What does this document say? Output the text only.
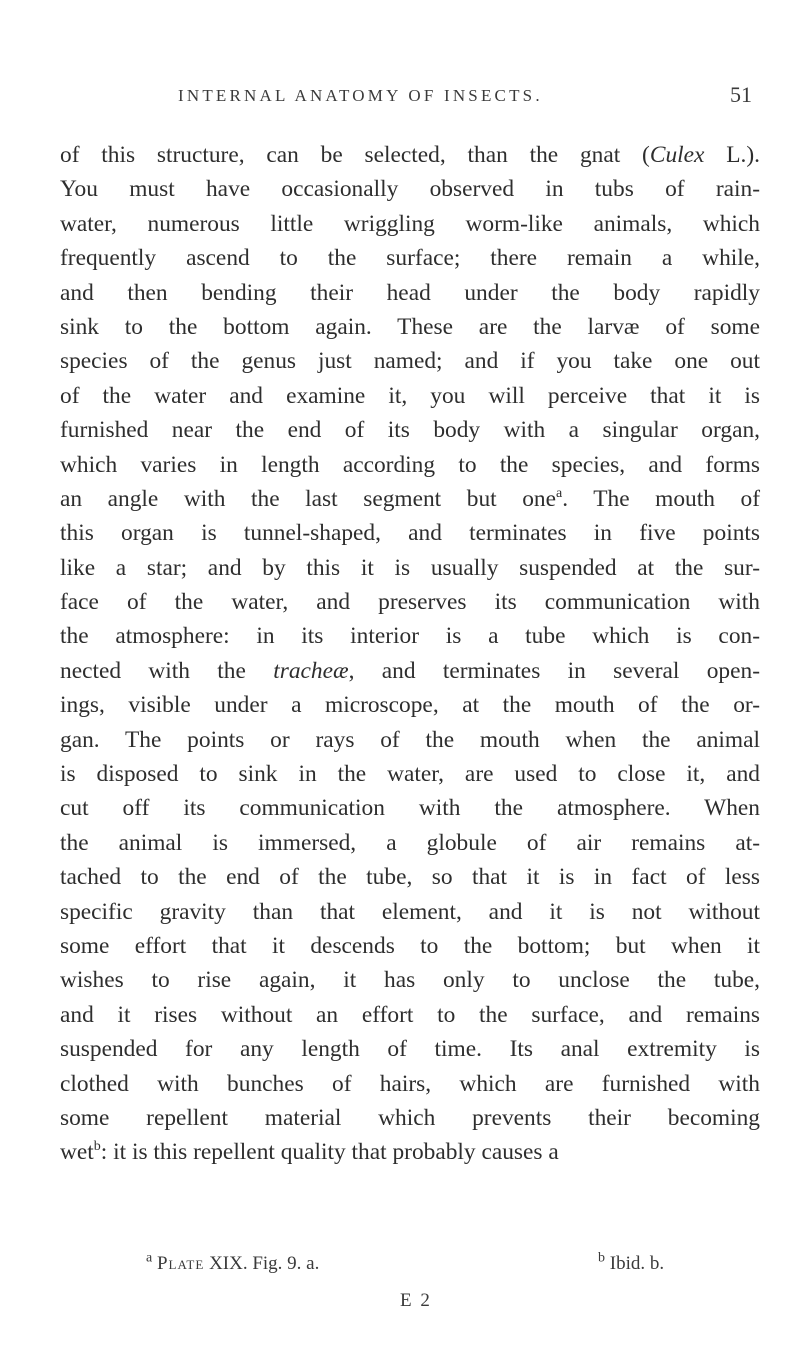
INTERNAL ANATOMY OF INSECTS.	51
of this structure, can be selected, than the gnat (Culex L.).
You must have occasionally observed in tubs of rain-
water, numerous little wriggling worm-like animals, which
frequently ascend to the surface; there remain a while,
and then bending their head under the body rapidly
sink to the bottom again. These are the larvæ of some
species of the genus just named; and if you take one out
of the water and examine it, you will perceive that it is
furnished near the end of its body with a singular organ,
which varies in length according to the species, and forms
an angle with the last segment but one$^a$. The mouth of
this organ is tunnel-shaped, and terminates in five points
like a star; and by this it is usually suspended at the sur-
face of the water, and preserves its communication with
the atmosphere: in its interior is a tube which is con-
nected with the tracheæ, and terminates in several open-
ings, visible under a microscope, at the mouth of the or-
gan. The points or rays of the mouth when the animal
is disposed to sink in the water, are used to close it, and
cut off its communication with the atmosphere. When
the animal is immersed, a globule of air remains at-
tached to the end of the tube, so that it is in fact of less
specific gravity than that element, and it is not without
some effort that it descends to the bottom; but when it
wishes to rise again, it has only to unclose the tube,
and it rises without an effort to the surface, and remains
suspended for any length of time. Its anal extremity is
clothed with bunches of hairs, which are furnished with
some repellent material which prevents their becoming
wet$^b$: it is this repellent quality that probably causes a
$^a$ Plate XIX. Fig. 9. a.	$^b$ Ibid. b.
E 2
